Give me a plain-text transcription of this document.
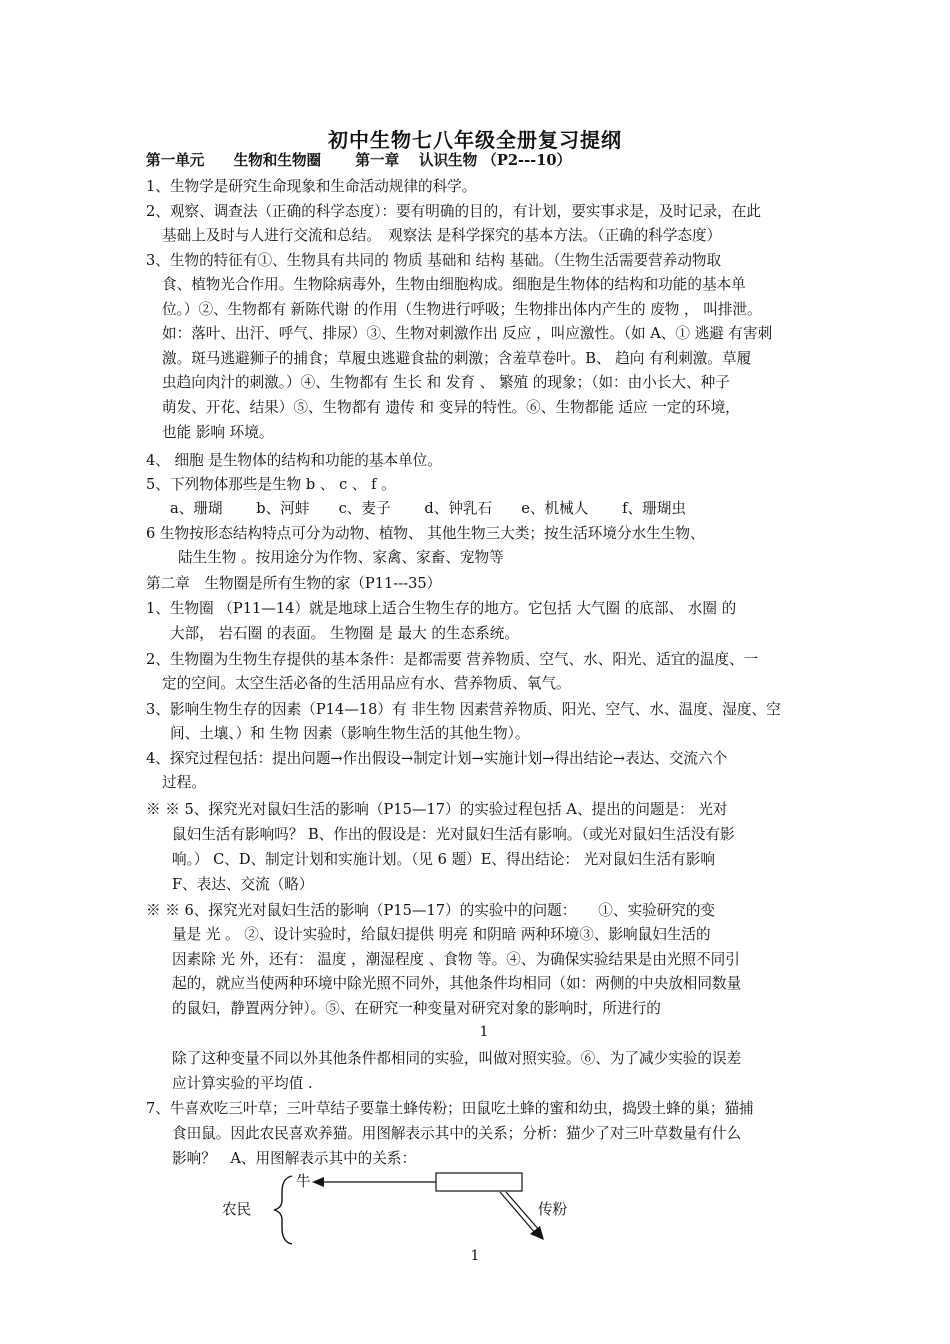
初中生物七八年级全册复习提纲
第一单元　　生物和生物圈　　 第一章　 认识生物 （P2---10）
1、生物学是研究生命现象和生命活动规律的科学。
2、观察、调查法（正确的科学态度）：要有明确的目的，有计划，要实事求是，及时记录，在此
基础上及时与人进行交流和总结。　观察法 是科学探究的基本方法。（正确的科学态度）
3、生物的特征有①、生物具有共同的 物质 基础和 结构 基础。（生物生活需要营养动物取
食、植物光合作用。生物除病毒外，生物由细胞构成。细胞是生物体的结构和功能的基本单
位。）②、生物都有 新陈代谢 的作用（生物进行呼吸；生物排出体内产生的 废物 ， 叫排泄。
如：落叶、出汗、呼气、排尿）③、生物对刺激作出 反应 ，叫应激性。（如 A、① 逃避 有害刺
激。斑马逃避狮子的捕食；草履虫逃避食盐的刺激；含羞草卷叶。B、 趋向 有利刺激。草履
虫趋向肉汁的刺激。）④、生物都有 生长 和 发育 、 繁殖 的现象；（如：由小长大、种子
萌发、开花、结果）⑤、生物都有 遗传 和 变异的特性。⑥、生物都能 适应 一定的环境，
也能 影响 环境。
4、 细胞 是生物体的结构和功能的基本单位。
5、下列物体那些是生物 b 、 c 、 f 。
a、珊瑚　　 b、河蚌　　c、麦子　　 d、钟乳石　　e、机械人　　 f、珊瑚虫
6 生物按形态结构特点可分为动物、植物、 其他生物三大类；按生活环境分水生生物、
陆生生物 。按用途分为作物、家禽、家畜、宠物等
第二章　生物圈是所有生物的家（P11---35）
1、生物圈 （P11—14）就是地球上适合生物生存的地方。它包括 大气圈 的底部、 水圈 的
大部， 岩石圈 的表面。 生物圈 是 最大 的生态系统。
2、生物圈为生物生存提供的基本条件：是都需要 营养物质、空气、水、阳光、适宜的温度、一
定的空间。太空生活必备的生活用品应有水、营养物质、氧气。
3、影响生物生存的因素（P14—18）有 非生物 因素营养物质、阳光、空气、水、温度、湿度、空
间、土壤、）和 生物 因素（影响生物生活的其他生物）。
4、探究过程包括：提出问题→作出假设→制定计划→实施计划→得出结论→表达、交流六个
过程。
※ ※ 5、探究光对鼠妇生活的影响（P15—17）的实验过程包括 A、提出的问题是： 光对
鼠妇生活有影响吗？ B、作出的假设是：光对鼠妇生活有影响。（或光对鼠妇生活没有影
响。） C、D、制定计划和实施计划。（见 6 题）E、得出结论： 光对鼠妇生活有影响
F、表达、交流（略）
※ ※ 6、探究光对鼠妇生活的影响（P15—17）的实验中的问题：　　①、实验研究的变
量是 光 。 ②、设计实验时，给鼠妇提供 明亮 和阴暗 两种环境③、影响鼠妇生活的
因素除 光 外，还有： 温度 ，潮湿程度 、食物 等。④、为确保实验结果是由光照不同引
起的，就应当使两种环境中除光照不同外，其他条件均相同（如：两侧的中央放相同数量
的鼠妇，静置两分钟）。⑤、在研究一种变量对研究对象的影响时，所进行的
1
除了这种变量不同以外其他条件都相同的实验，叫做对照实验。⑥、为了减少实验的误差
应计算实验的平均值 .
7、牛喜欢吃三叶草；三叶草结子要靠土蜂传粉；田鼠吃土蜂的蜜和幼虫，捣毁土蜂的巢；猫捕
食田鼠。因此农民喜欢养猫。用图解表示其中的关系；分析：猫少了对三叶草数量有什么
影响？　A、用图解表示其中的关系：
牛
农民	传粉
1
